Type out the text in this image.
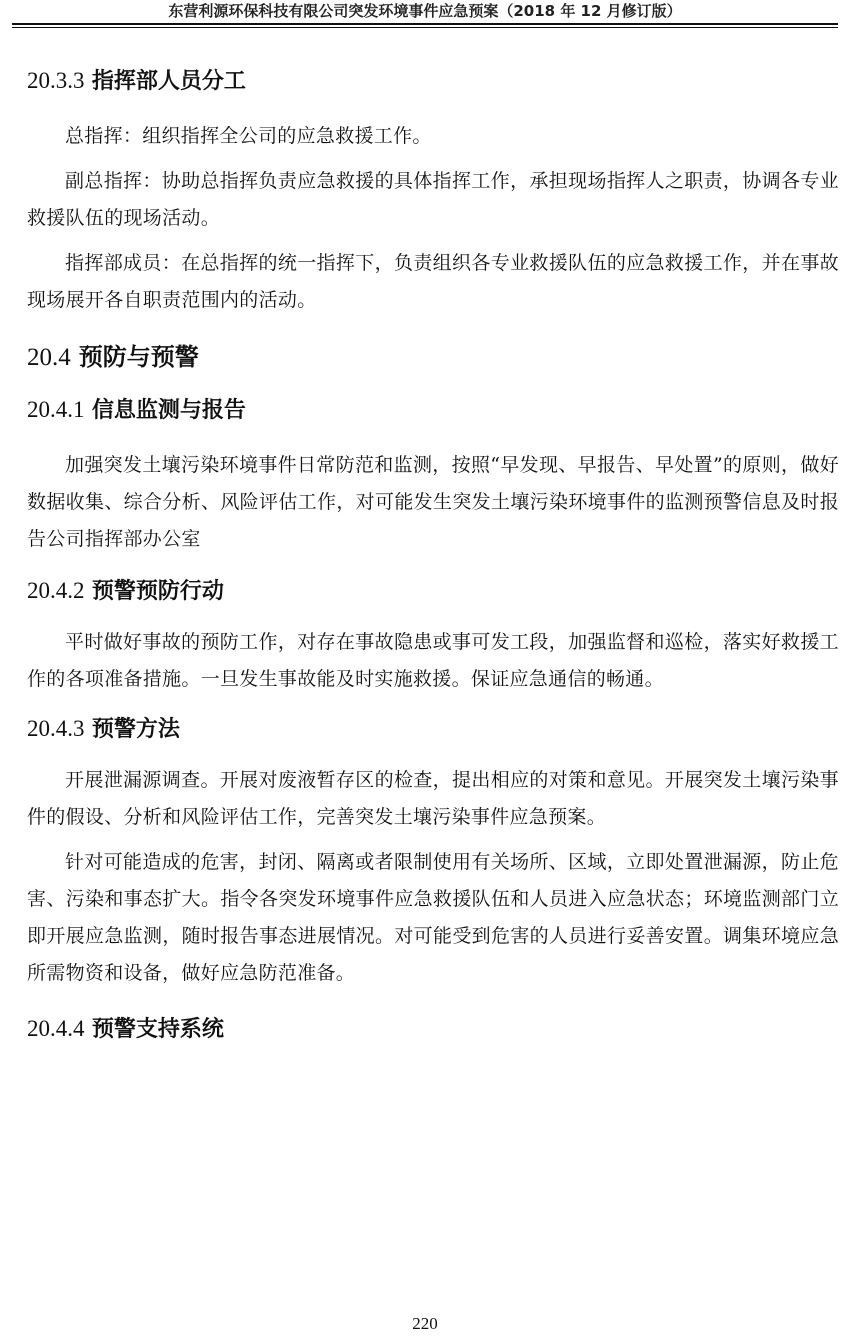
东营利源环保科技有限公司突发环境事件应急预案（2018 年 12 月修订版）
20.3.3 指挥部人员分工

总指挥：组织指挥全公司的应急救援工作。

副总指挥：协助总指挥负责应急救援的具体指挥工作，承担现场指挥人之职责，协调各专业救援队伍的现场活动。

指挥部成员：在总指挥的统一指挥下，负责组织各专业救援队伍的应急救援工作，并在事故现场展开各自职责范围内的活动。

20.4 预防与预警
20.4.1 信息监测与报告

加强突发土壤污染环境事件日常防范和监测，按照“早发现、早报告、早处置”的原则，做好数据收集、综合分析、风险评估工作，对可能发生突发土壤污染环境事件的监测预警信息及时报告公司指挥部办公室

20.4.2 预警预防行动

平时做好事故的预防工作，对存在事故隐患或事可发工段，加强监督和巡检，落实好救援工作的各项准备措施。一旦发生事故能及时实施救援。保证应急通信的畅通。

20.4.3 预警方法

开展泄漏源调查。开展对废液暂存区的检查，提出相应的对策和意见。开展突发土壤污染事件的假设、分析和风险评估工作，完善突发土壤污染事件应急预案。

针对可能造成的危害，封闭、隔离或者限制使用有关场所、区域，立即处置泄漏源，防止危害、污染和事态扩大。指令各突发环境事件应急救援队伍和人员进入应急状态；环境监测部门立即开展应急监测，随时报告事态进展情况。对可能受到危害的人员进行妥善安置。调集环境应急所需物资和设备，做好应急防范准备。

20.4.4 预警支持系统
220
